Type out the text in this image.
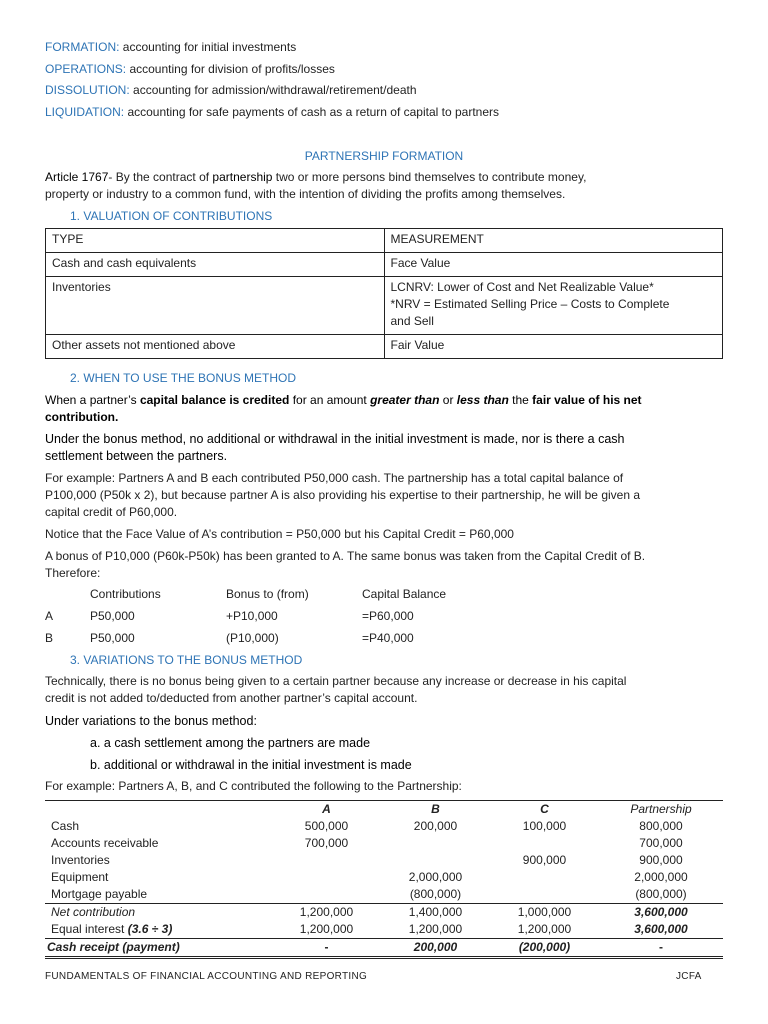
FORMATION: accounting for initial investments
OPERATIONS: accounting for division of profits/losses
DISSOLUTION: accounting for admission/withdrawal/retirement/death
LIQUIDATION: accounting for safe payments of cash as a return of capital to partners
PARTNERSHIP FORMATION
Article 1767- By the contract of partnership two or more persons bind themselves to contribute money,
property or industry to a common fund, with the intention of dividing the profits among themselves.
1. VALUATION OF CONTRIBUTIONS
TYPE	MEASUREMENT
Cash and cash equivalents	Face Value
Inventories	LCNRV: Lower of Cost and Net Realizable Value*
*NRV = Estimated Selling Price – Costs to Complete
and Sell

Other assets not mentioned above	Fair Value
2. WHEN TO USE THE BONUS METHOD
When a partner’s capital balance is credited for an amount greater than or less than the fair value of his net
contribution.
Under the bonus method, no additional or withdrawal in the initial investment is made, nor is there a cash
settlement between the partners.
For example: Partners A and B each contributed P50,000 cash. The partnership has a total capital balance of
P100,000 (P50k x 2), but because partner A is also providing his expertise to their partnership, he will be given a
capital credit of P60,000.
Notice that the Face Value of A’s contribution = P50,000 but his Capital Credit = P60,000
A bonus of P10,000 (P60k-P50k) has been granted to A. The same bonus was taken from the Capital Credit of B.
Therefore:
Contributions	Bonus to (from)	Capital Balance
A	P50,000	+P10,000	=P60,000
B	P50,000	(P10,000)	=P40,000
3. VARIATIONS TO THE BONUS METHOD
Technically, there is no bonus being given to a certain partner because any increase or decrease in his capital
credit is not added to/deducted from another partner’s capital account.
Under variations to the bonus method:
a. a cash settlement among the partners are made
b. additional or withdrawal in the initial investment is made
For example: Partners A, B, and C contributed the following to the Partnership:
	A	B	C	Partnership
Cash	500,000	200,000	100,000	800,000
Accounts receivable	700,000			700,000
Inventories			900,000	900,000
Equipment		2,000,000		2,000,000
Mortgage payable		(800,000)		(800,000)
Net contribution	1,200,000	1,400,000	1,000,000	3,600,000
Equal interest (3.6 ÷ 3)	1,200,000	1,200,000	1,200,000	3,600,000
Cash receipt (payment)	-	200,000	(200,000)	-
FUNDAMENTALS OF FINANCIAL ACCOUNTING AND REPORTING	JCFA
